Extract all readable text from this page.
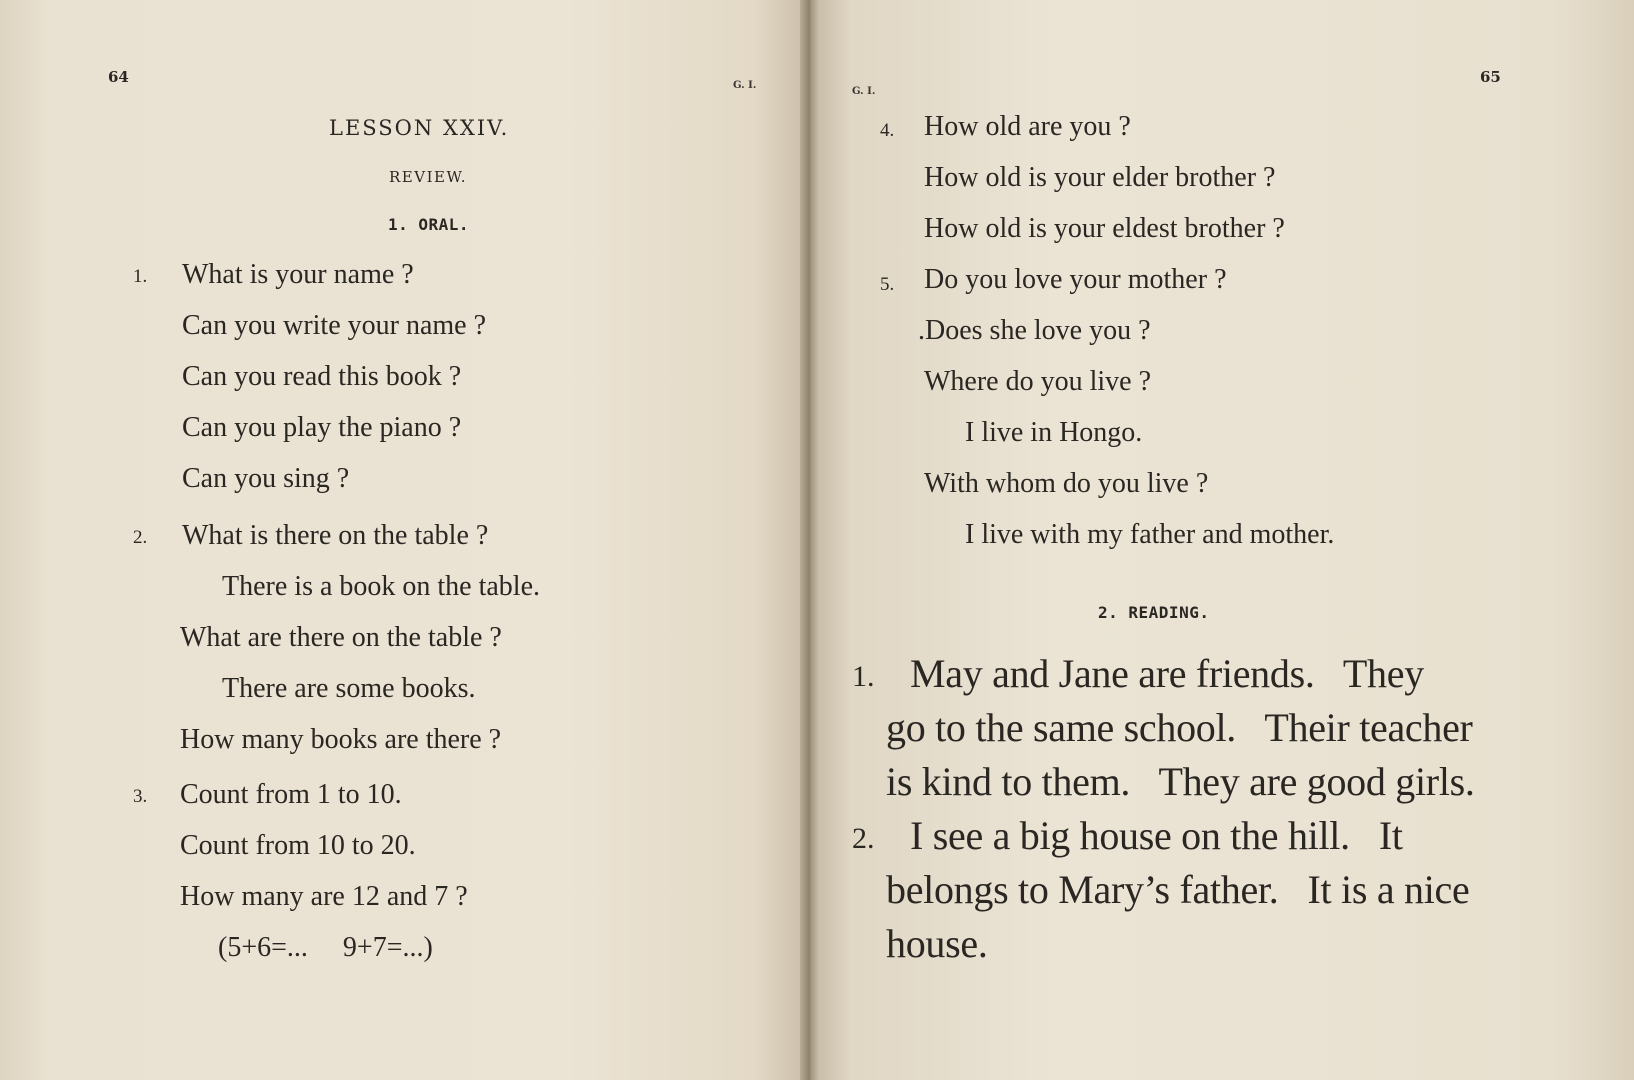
64	G. I.
LESSON XXIV.
REVIEW.
1. ORAL.
1. What is your name ?
Can you write your name ?
Can you read this book ?
Can you play the piano ?
Can you sing ?
2. What is there on the table ?
There is a book on the table.
What are there on the table ?
There are some books.
How many books are there ?
3. Count from 1 to 10.
Count from 10 to 20.
How many are 12 and 7 ?
(5+6=...     9+7=...)
G. I.
65
4. How old are you ?
How old is your elder brother ?
How old is your eldest brother ?
5. Do you love your mother ?
.Does she love you ?
Where do you live ?
I live in Hongo.
With whom do you live ?
I live with my father and mother.
2. READING.
1. May and Jane are friends.   They
go to the same school.   Their teacher
is kind to them.   They are good girls.
2. I see a big house on the hill.   It
belongs to Mary’s father.   It is a nice
house.
